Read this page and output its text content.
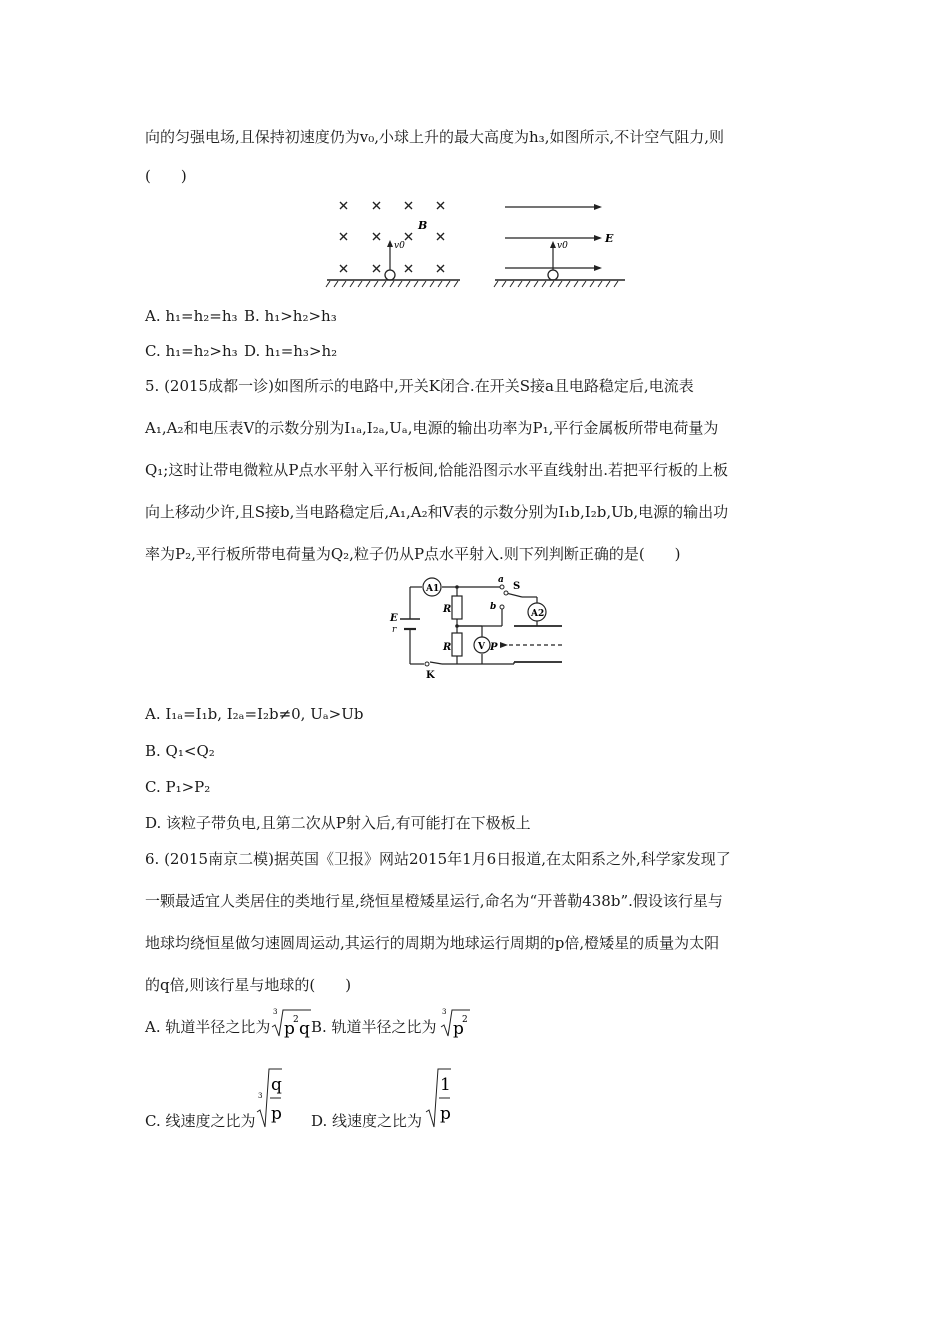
向的匀强电场,且保持初速度仍为v₀,小球上升的最大高度为h₃,如图所示,不计空气阻力,则
(　　)
B
v0
E
v0
A. h₁=h₂=h₃ B. h₁>h₂>h₃
C. h₁=h₂>h₃ D. h₁=h₃>h₂
5. (2015成都一诊)如图所示的电路中,开关K闭合.在开关S接a且电路稳定后,电流表
A₁,A₂和电压表V的示数分别为I₁ₐ,I₂ₐ,Uₐ,电源的输出功率为P₁,平行金属板所带电荷量为
Q₁;这时让带电微粒从P点水平射入平行板间,恰能沿图示水平直线射出.若把平行板的上板
向上移动少许,且S接b,当电路稳定后,A₁,A₂和V表的示数分别为I₁b,I₂b,Ub,电源的输出功
率为P₂,平行板所带电荷量为Q₂,粒子仍从P点水平射入.则下列判断正确的是(　　)
A1
A2
V
R
R
E
r
a
b
S
P
K
A. I₁ₐ=I₁b, I₂ₐ=I₂b≠0, Uₐ>Ub
B. Q₁<Q₂
C. P₁>P₂
D. 该粒子带负电,且第二次从P射入后,有可能打在下极板上
6. (2015南京二模)据英国《卫报》网站2015年1月6日报道,在太阳系之外,科学家发现了
一颗最适宜人类居住的类地行星,绕恒星橙矮星运行,命名为“开普勒438b”.假设该行星与
地球均绕恒星做匀速圆周运动,其运行的周期为地球运行周期的p倍,橙矮星的质量为太阳
的q倍,则该行星与地球的(　　)
A. 轨道半径之比为
3
p
2 q B. 轨道半径之比为
3
p
2
C. 线速度之比为
3
q
p D. 线速度之比为
1
p
